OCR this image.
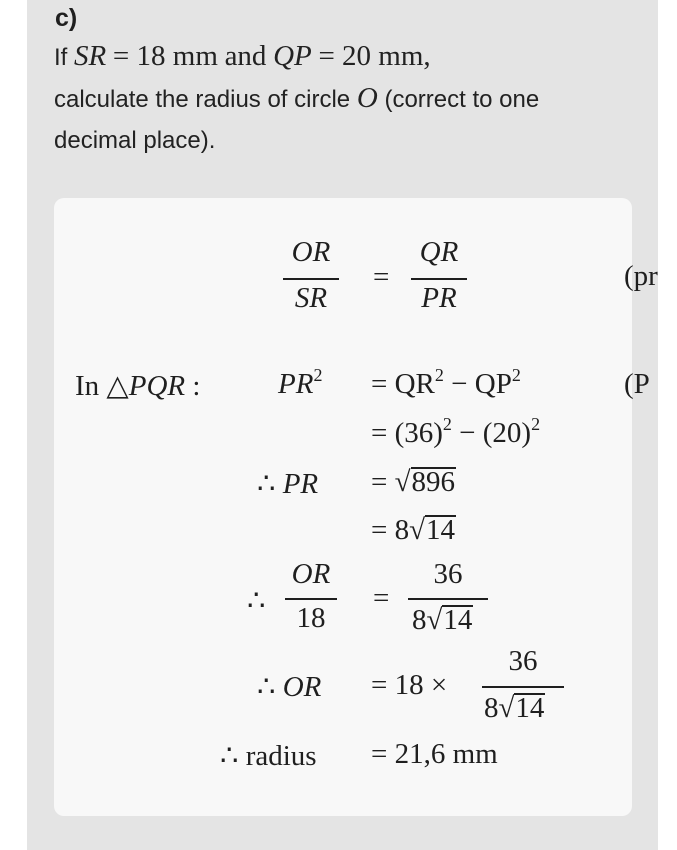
c)
If SR = 18 mm and QP = 20 mm,
calculate the radius of circle O (correct to one
decimal place).
OR
SR
=
QR
PR
(pr
In △PQR :	$PR^2 = QR^2 - QP^2$	(P
= $(36)^2 - (20)^2$
∴ PR = √896
= 8√14
∴
OR
18
=
36
8√14
∴ OR = 18 ×
36
8√14
∴ radius = 21,6 mm
